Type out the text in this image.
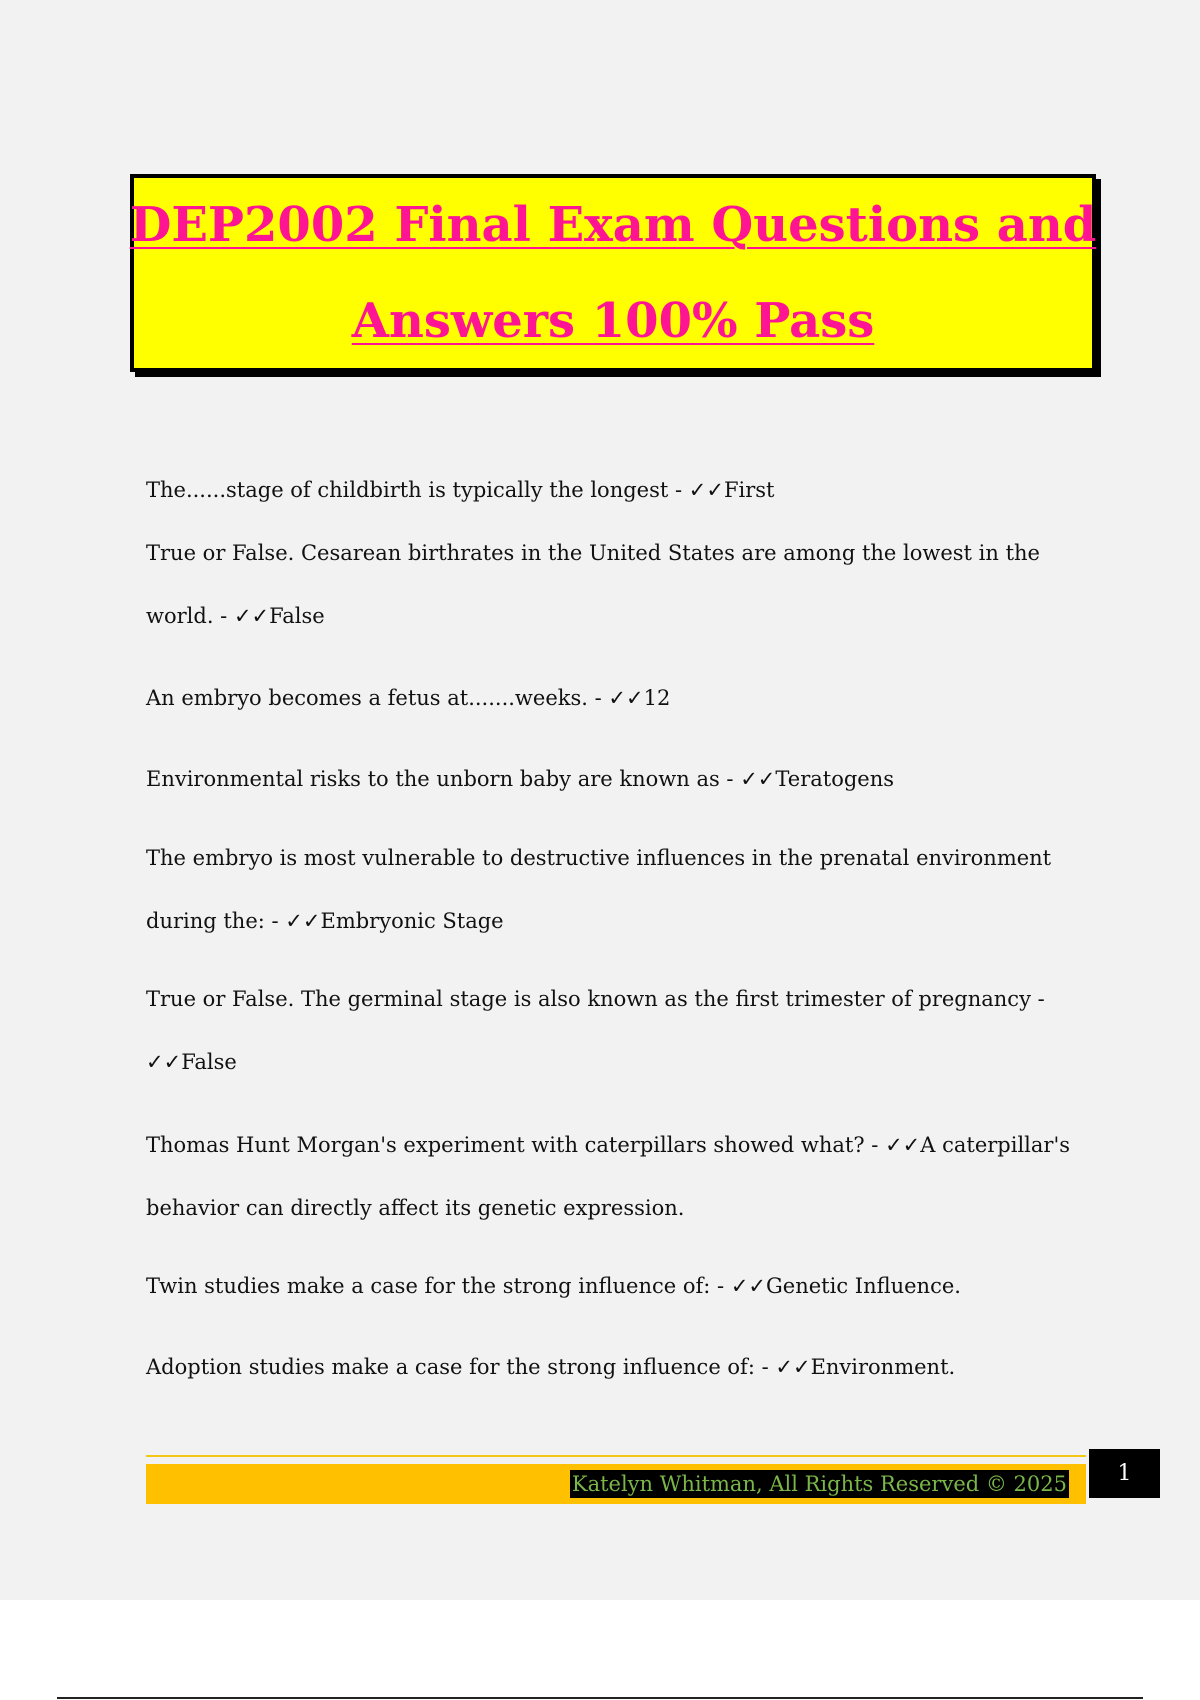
DEP2002 Final Exam Questions and
Answers 100% Pass

The......stage of childbirth is typically the longest - ✓✓First

True or False. Cesarean birthrates in the United States are among the lowest in the world. - ✓✓False

An embryo becomes a fetus at.......weeks. - ✓✓12

Environmental risks to the unborn baby are known as - ✓✓Teratogens

The embryo is most vulnerable to destructive influences in the prenatal environment during the: - ✓✓Embryonic Stage

True or False. The germinal stage is also known as the first trimester of pregnancy - ✓✓False

Thomas Hunt Morgan's experiment with caterpillars showed what? - ✓✓A caterpillar's behavior can directly affect its genetic expression.

Twin studies make a case for the strong influence of: - ✓✓Genetic Influence.

Adoption studies make a case for the strong influence of: - ✓✓Environment.

Katelyn Whitman, All Rights Reserved © 2025	1
